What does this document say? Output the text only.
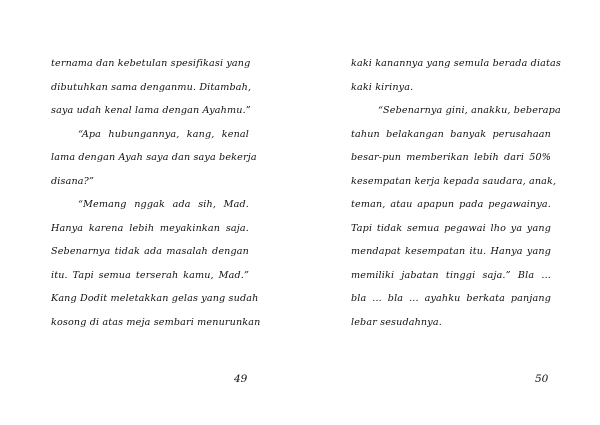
ternama dan kebetulan spesifikasi yang
dibutuhkan sama denganmu. Ditambah,
saya udah kenal lama dengan Ayahmu.”
“Apa hubungannya, kang, kenal
lama dengan Ayah saya dan saya bekerja
disana?”
“Memang nggak ada sih, Mad.
Hanya karena lebih meyakinkan saja.
Sebenarnya tidak ada masalah dengan
itu. Tapi semua terserah kamu, Mad.”
Kang Dodit meletakkan gelas yang sudah
kosong di atas meja sembari menurunkan
49
kaki kanannya yang semula berada diatas
kaki kirinya.
“Sebenarnya gini, anakku, beberapa
tahun belakangan banyak perusahaan
besar-pun memberikan lebih dari 50%
kesempatan kerja kepada saudara, anak,
teman, atau apapun pada pegawainya.
Tapi tidak semua pegawai lho ya yang
mendapat kesempatan itu. Hanya yang
memiliki jabatan tinggi saja.” Bla ...
bla ... bla ... ayahku berkata panjang
lebar sesudahnya.
50
